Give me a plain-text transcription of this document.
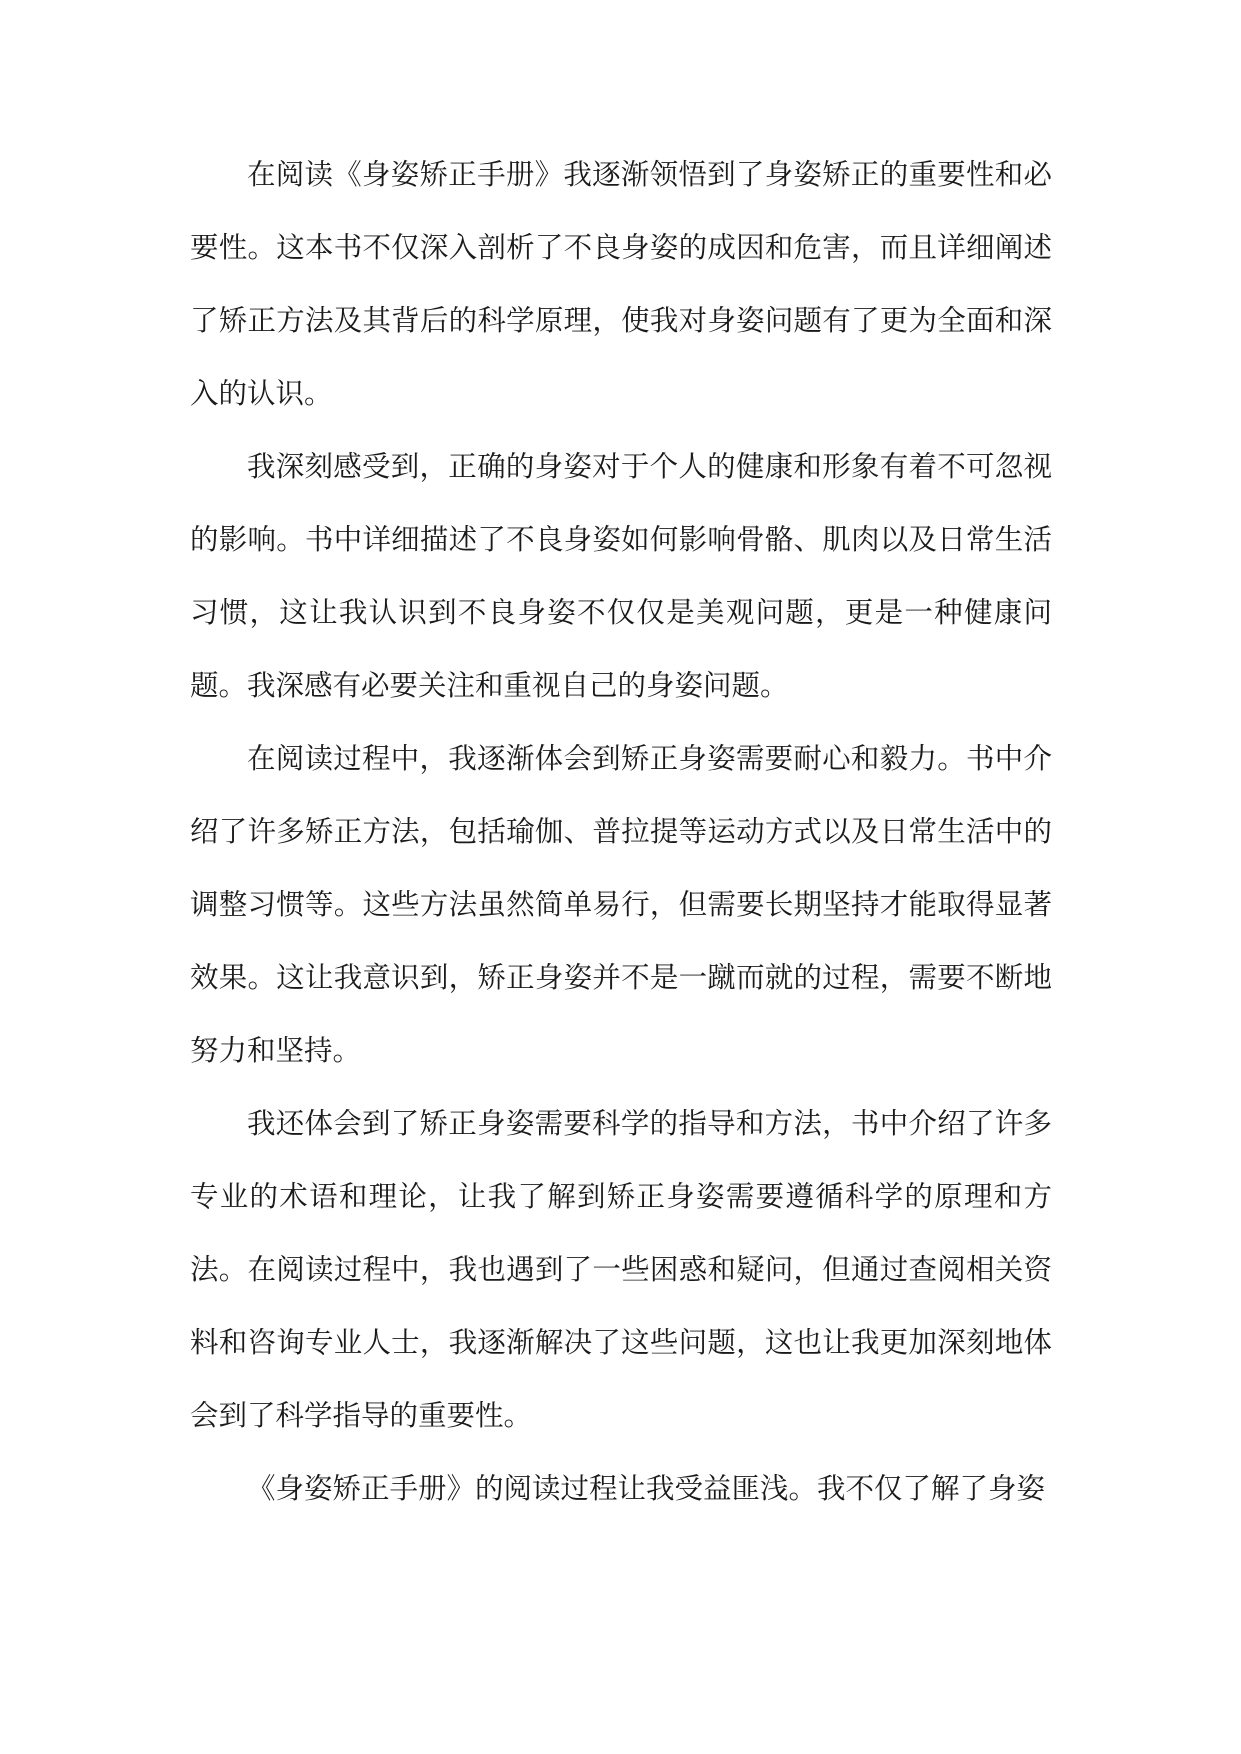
在阅读《身姿矫正手册》我逐渐领悟到了身姿矫正的重要性和必要性。这本书不仅深入剖析了不良身姿的成因和危害，而且详细阐述了矫正方法及其背后的科学原理，使我对身姿问题有了更为全面和深入的认识。

我深刻感受到，正确的身姿对于个人的健康和形象有着不可忽视的影响。书中详细描述了不良身姿如何影响骨骼、肌肉以及日常生活习惯，这让我认识到不良身姿不仅仅是美观问题，更是一种健康问题。我深感有必要关注和重视自己的身姿问题。

在阅读过程中，我逐渐体会到矫正身姿需要耐心和毅力。书中介绍了许多矫正方法，包括瑜伽、普拉提等运动方式以及日常生活中的调整习惯等。这些方法虽然简单易行，但需要长期坚持才能取得显著效果。这让我意识到，矫正身姿并不是一蹴而就的过程，需要不断地努力和坚持。

我还体会到了矫正身姿需要科学的指导和方法，书中介绍了许多专业的术语和理论，让我了解到矫正身姿需要遵循科学的原理和方法。在阅读过程中，我也遇到了一些困惑和疑问，但通过查阅相关资料和咨询专业人士，我逐渐解决了这些问题，这也让我更加深刻地体会到了科学指导的重要性。

《身姿矫正手册》的阅读过程让我受益匪浅。我不仅了解了身姿
